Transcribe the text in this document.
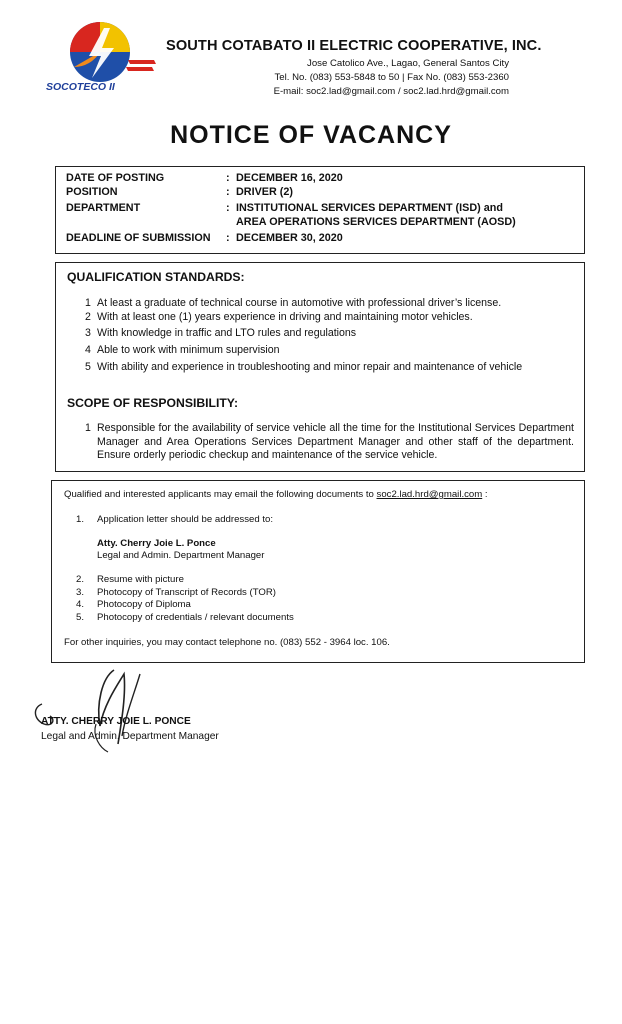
SOCOTECO II
SOUTH COTABATO II ELECTRIC COOPERATIVE, INC.
Jose Catolico Ave., Lagao, General Santos City
Tel. No. (083) 553-5848 to 50 | Fax No. (083) 553-2360
E-mail: soc2.lad@gmail.com / soc2.lad.hrd@gmail.com
NOTICE OF VACANCY
DATE OF POSTING	: DECEMBER 16, 2020
POSITION	: DRIVER (2)
DEPARTMENT	: INSTITUTIONAL SERVICES DEPARTMENT (ISD) and
AREA OPERATIONS SERVICES DEPARTMENT (AOSD)
DEADLINE OF SUBMISSION : DECEMBER 30, 2020
QUALIFICATION STANDARDS:
1 At least a graduate of technical course in automotive with professional driver’s license.
2 With at least one (1) years experience in driving and maintaining motor vehicles.
3 With knowledge in traffic and LTO rules and regulations
4 Able to work with minimum supervision
5 With ability and experience in troubleshooting and minor repair and maintenance of vehicle
SCOPE OF RESPONSIBILITY:
1 Responsible for the availability of service vehicle all the time for the Institutional Services Department Manager and Area Operations Services Department Manager and other staff of the department. Ensure orderly periodic checkup and maintenance of the service vehicle.
Qualified and interested applicants may email the following documents to soc2.lad.hrd@gmail.com :
1. Application letter should be addressed to:
Atty. Cherry Joie L. Ponce
Legal and Admin. Department Manager
2. Resume with picture
3. Photocopy of Transcript of Records (TOR)
4. Photocopy of Diploma
5. Photocopy of credentials / relevant documents
For other inquiries, you may contact telephone no. (083) 552 - 3964 loc. 106.
ATTY. CHERRY JOIE L. PONCE
Legal and Admin. Department Manager
